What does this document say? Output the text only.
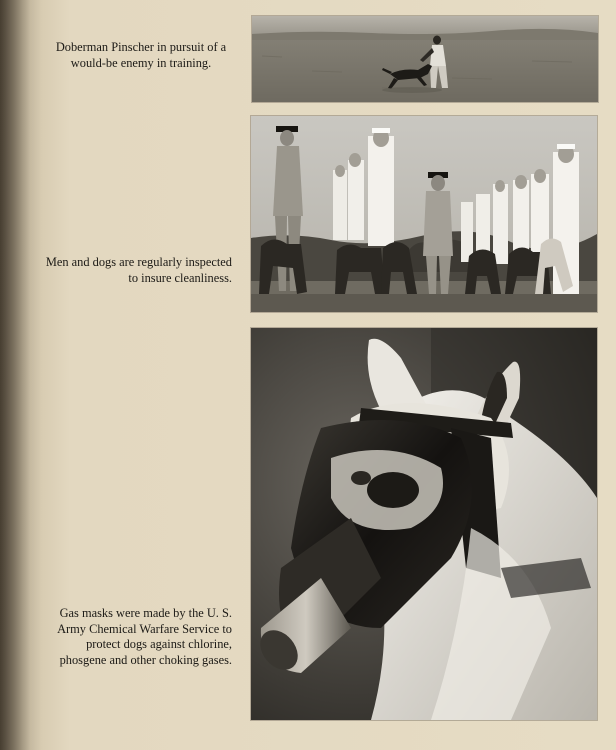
Doberman Pinscher in pursuit of a would-be enemy in training.

Men and dogs are regularly inspected to insure cleanliness.

Gas masks were made by the U. S. Army Chemical Warfare Service to protect dogs against chlorine, phosgene and other choking gases.
